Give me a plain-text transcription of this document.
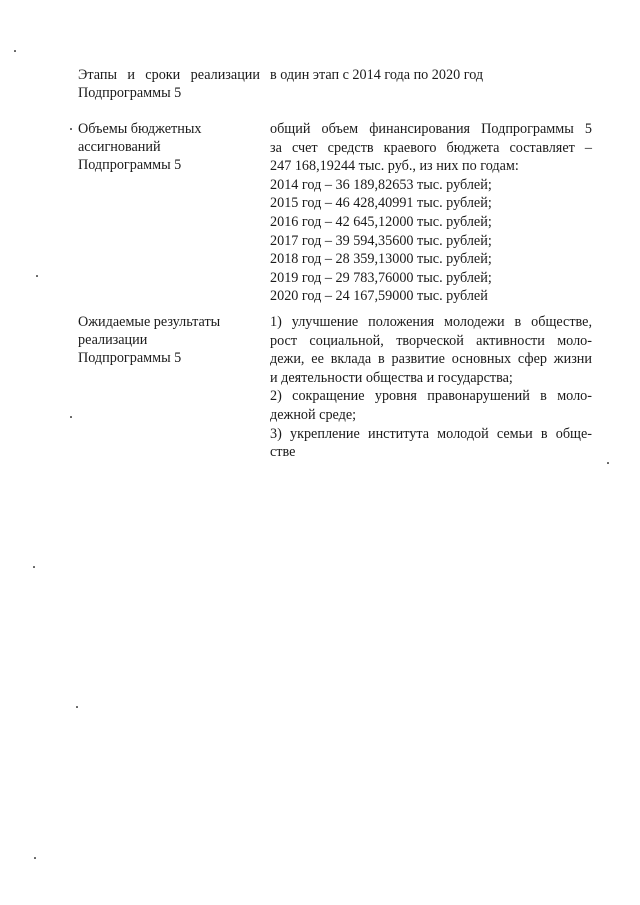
Этапы и сроки реализации
Подпрограммы 5
в один этап с 2014 года по 2020 год
Объемы бюджетных
ассигнований
Подпрограммы 5
общий объем финансирования Подпрограммы 5
за счет средств краевого бюджета составляет –
247 168,19244 тыс. руб., из них по годам:
2014 год – 36 189,82653 тыс. рублей;
2015 год – 46 428,40991 тыс. рублей;
2016 год – 42 645,12000 тыс. рублей;
2017 год – 39 594,35600 тыс. рублей;
2018 год – 28 359,13000 тыс. рублей;
2019 год – 29 783,76000 тыс. рублей;
2020 год – 24 167,59000 тыс. рублей
Ожидаемые результаты
реализации
Подпрограммы 5
1) улучшение положения молодежи в обществе,
рост социальной, творческой активности моло-
дежи, ее вклада в развитие основных сфер жизни
и деятельности общества и государства;
2) сокращение уровня правонарушений в моло-
дежной среде;
3) укрепление института молодой семьи в обще-
стве
